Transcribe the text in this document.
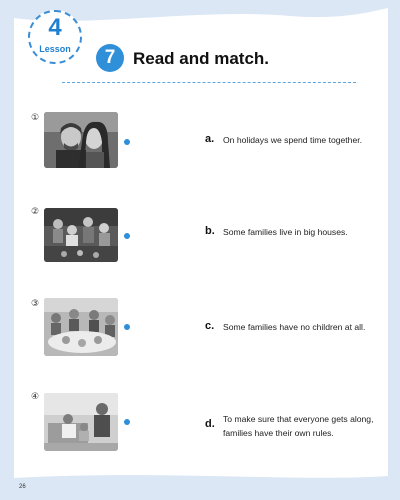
4
Lesson	7	Read and match.
①
②
③
④
a. On holidays we spend time together.
b. Some families live in big houses.
c. Some families have no children at all.
d. To make sure that everyone gets along, families have their own rules.
26
